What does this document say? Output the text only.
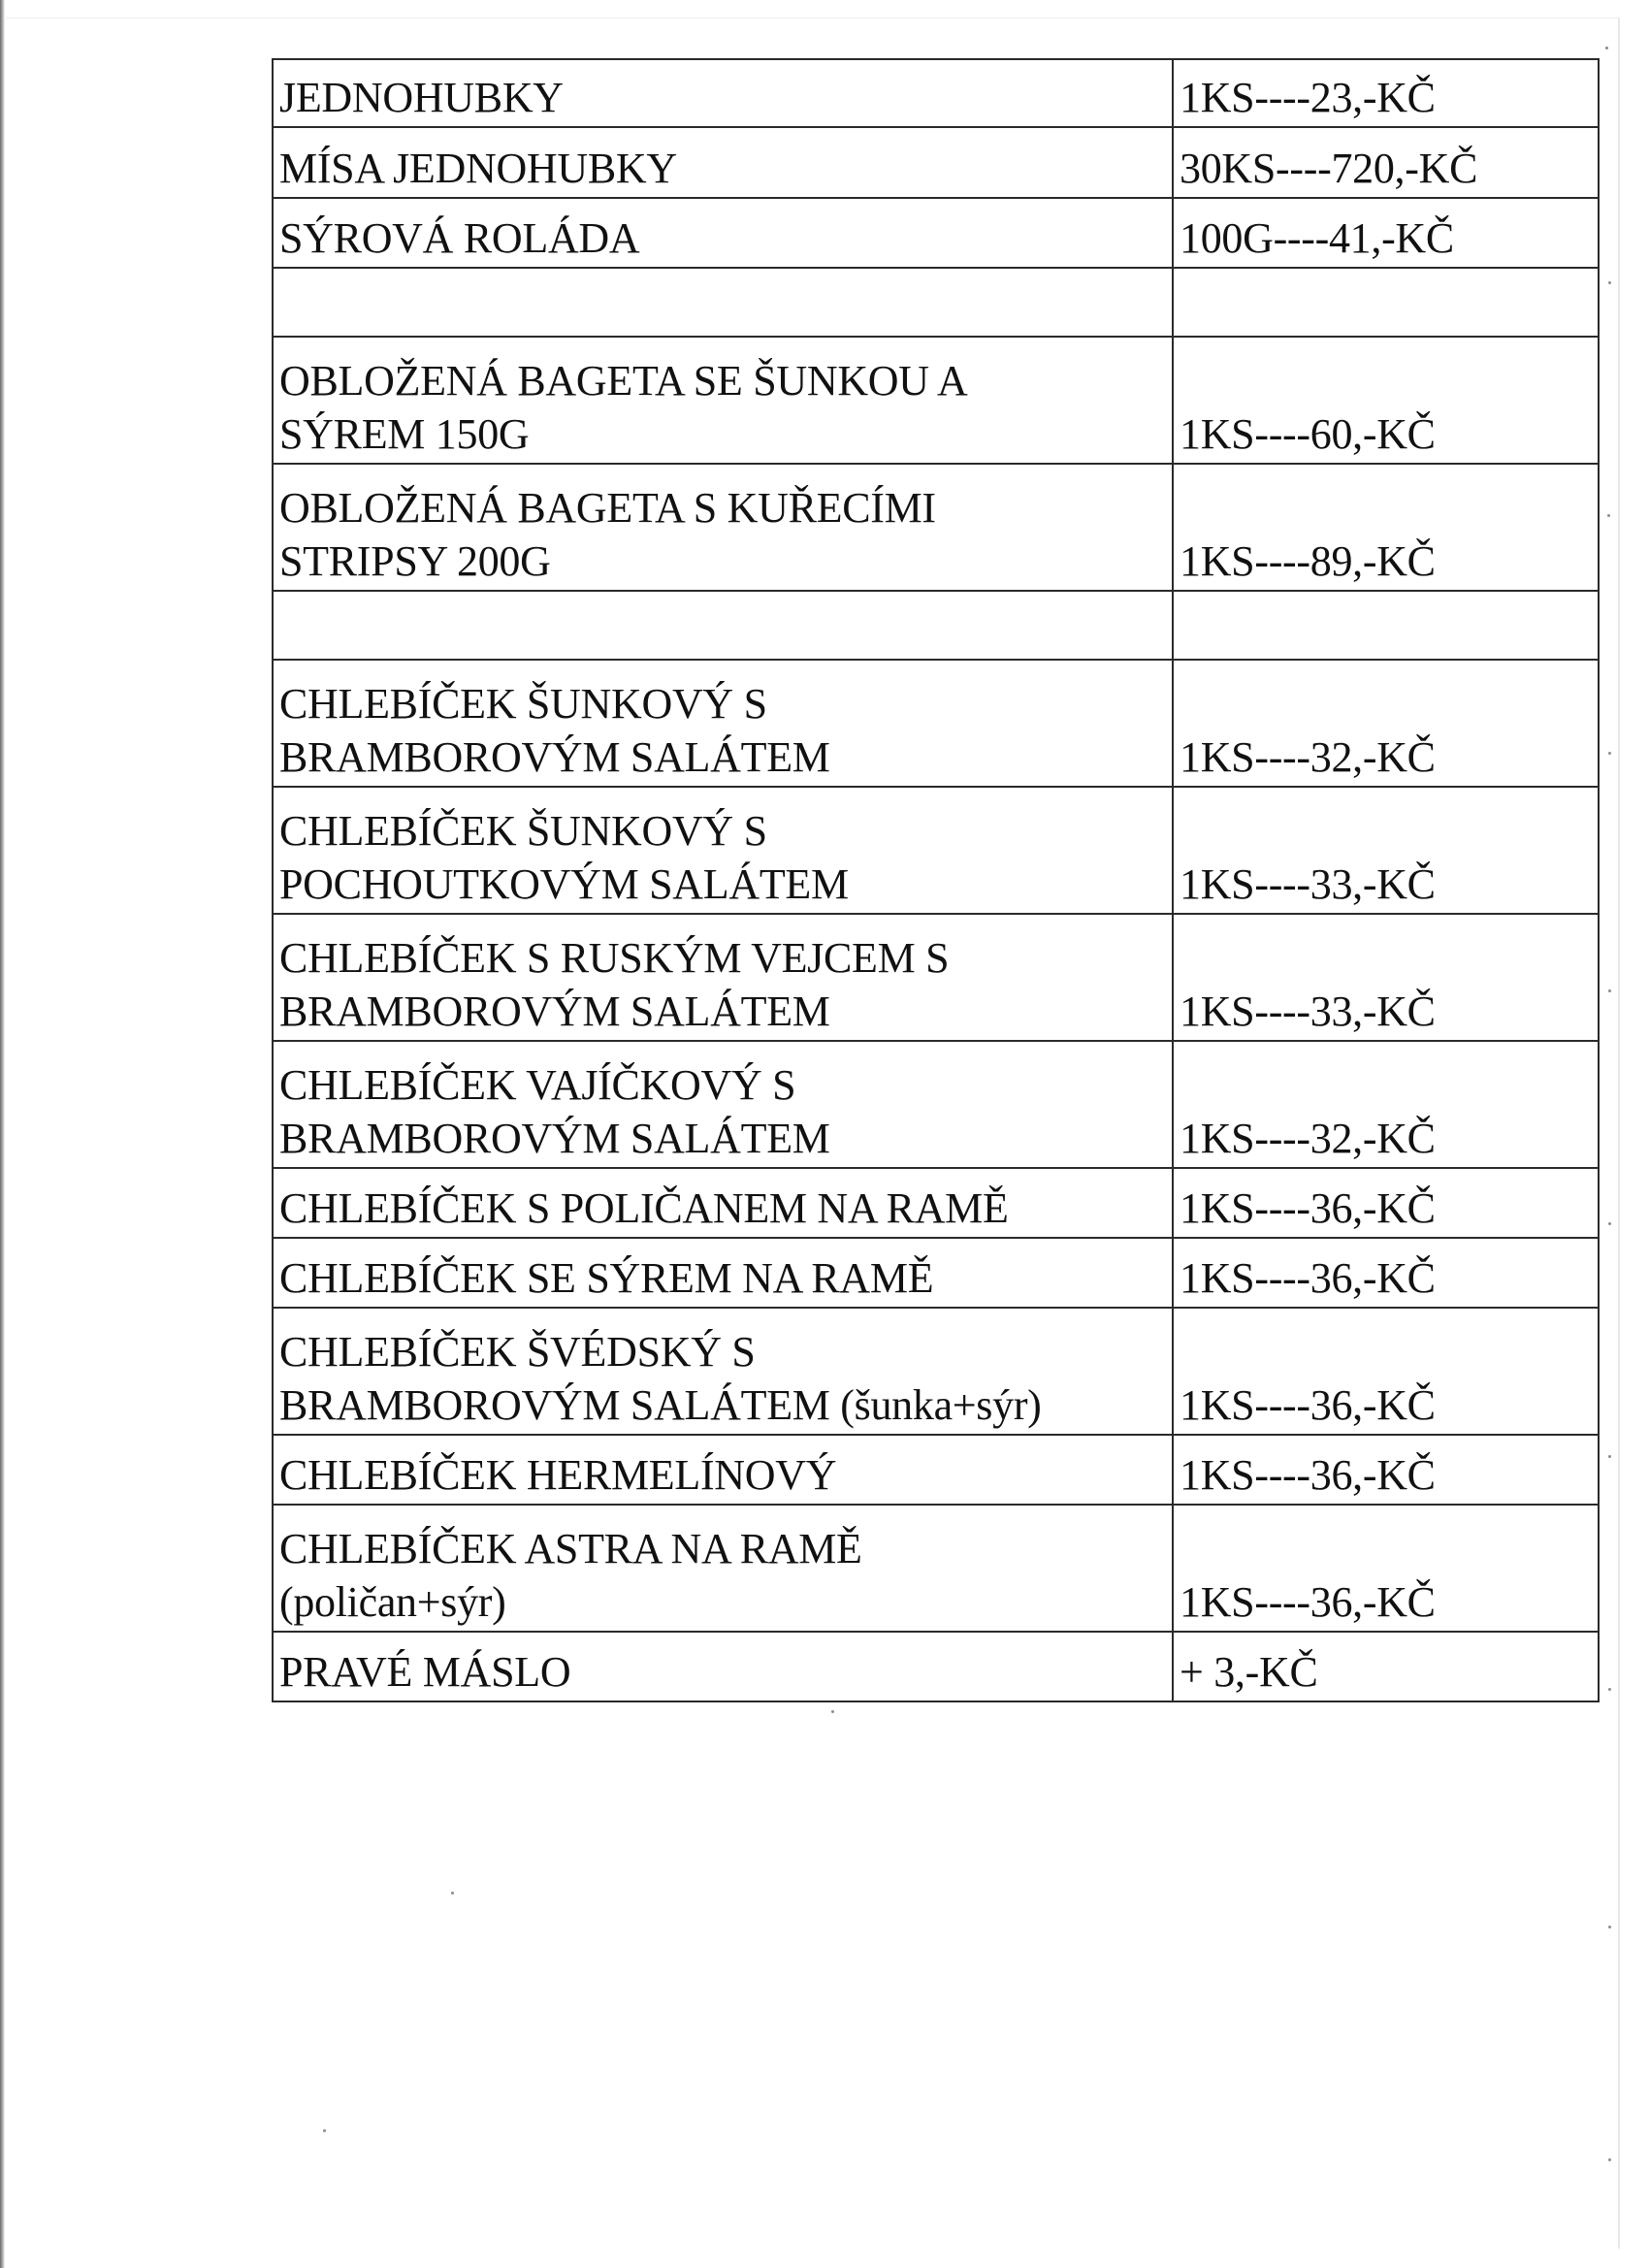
JEDNOHUBKY	1KS----23,-KČ
MÍSA JEDNOHUBKY	30KS----720,-KČ
SÝROVÁ ROLÁDA	100G----41,-KČ

OBLOŽENÁ BAGETA SE ŠUNKOU A
SÝREM 150G	1KS----60,-KČ
OBLOŽENÁ BAGETA S KUŘECÍMI
STRIPSY 200G	1KS----89,-KČ

CHLEBÍČEK ŠUNKOVÝ S
BRAMBOROVÝM SALÁTEM	1KS----32,-KČ
CHLEBÍČEK ŠUNKOVÝ S
POCHOUTKOVÝM SALÁTEM	1KS----33,-KČ
CHLEBÍČEK S RUSKÝM VEJCEM S
BRAMBOROVÝM SALÁTEM	1KS----33,-KČ
CHLEBÍČEK VAJÍČKOVÝ S
BRAMBOROVÝM SALÁTEM	1KS----32,-KČ
CHLEBÍČEK S POLIČANEM NA RAMĚ	1KS----36,-KČ
CHLEBÍČEK SE SÝREM NA RAMĚ	1KS----36,-KČ
CHLEBÍČEK ŠVÉDSKÝ S
BRAMBOROVÝM SALÁTEM (šunka+sýr)	1KS----36,-KČ
CHLEBÍČEK HERMELÍNOVÝ	1KS----36,-KČ
CHLEBÍČEK ASTRA NA RAMĚ
(poličan+sýr)	1KS----36,-KČ
PRAVÉ MÁSLO	+ 3,-KČ
